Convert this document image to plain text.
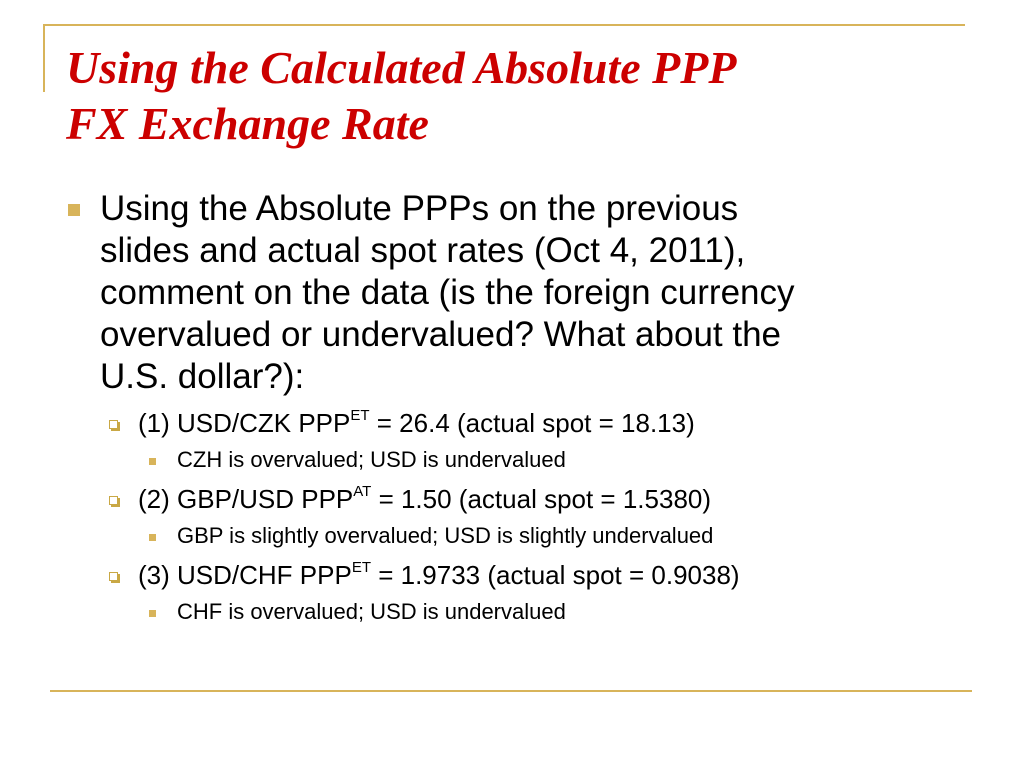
Using the Calculated Absolute PPP
FX Exchange Rate
Using the Absolute PPPs on the previous
slides and actual spot rates (Oct 4, 2011),
comment on the data (is the foreign currency
overvalued or undervalued? What about the
U.S. dollar?):
(1) USD/CZK $PPP^{ET} = 26.4$ (actual spot = 18.13)
CZH is overvalued; USD is undervalued
(2) GBP/USD $PPP^{AT} = 1.50$ (actual spot = 1.5380)
GBP is slightly overvalued; USD is slightly undervalued
(3) USD/CHF $PPP^{ET} = 1.9733$ (actual spot = 0.9038)
CHF is overvalued; USD is undervalued
